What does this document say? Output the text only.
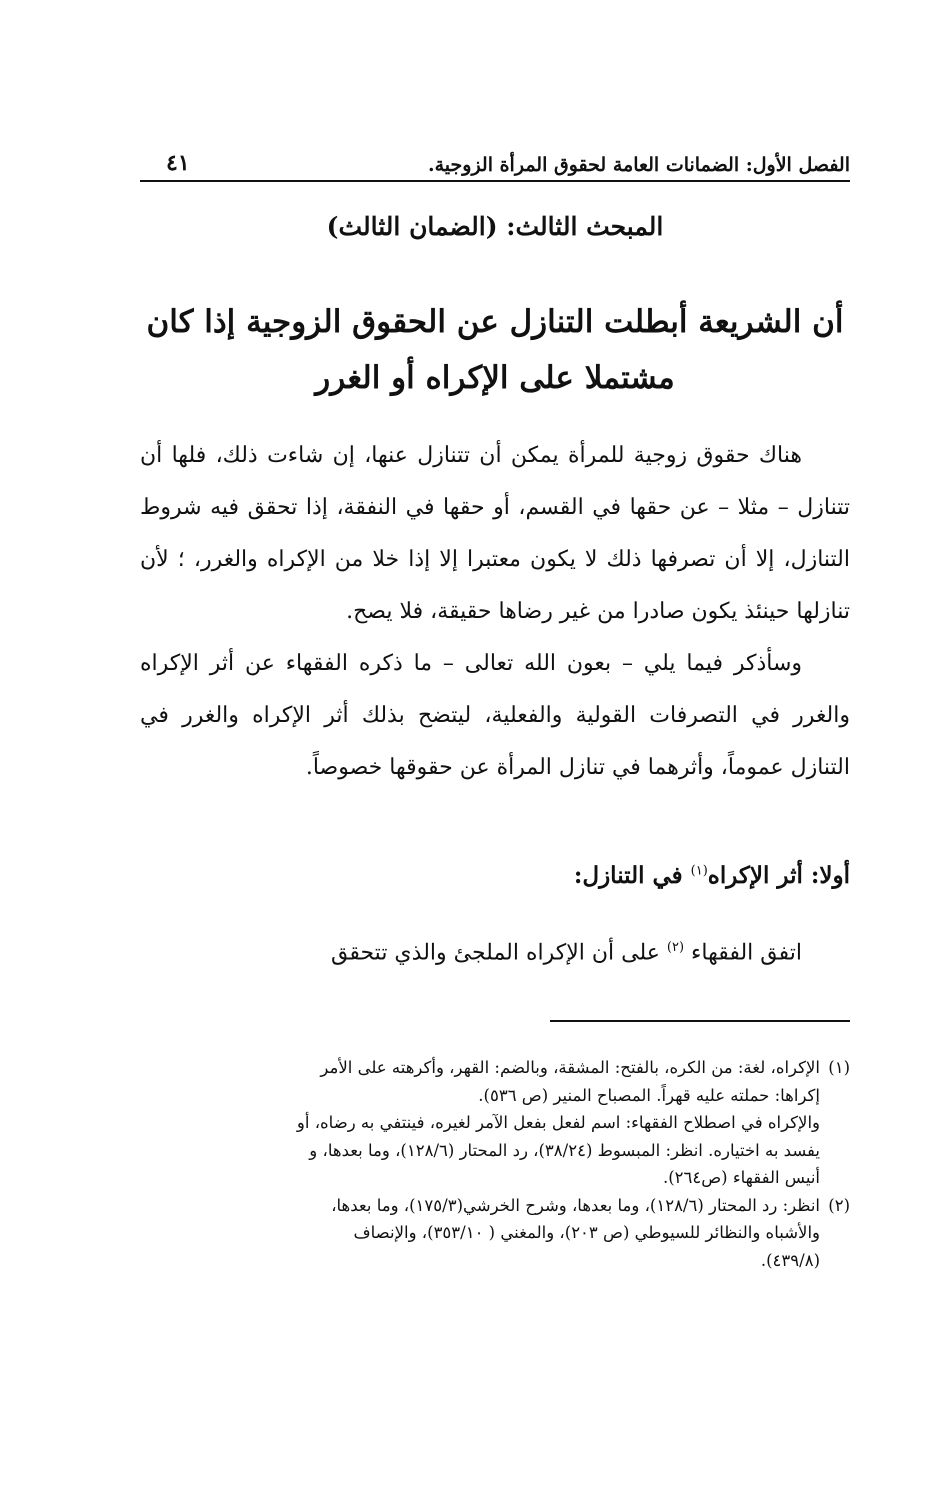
الفصل الأول: الضمانات العامة لحقوق المرأة الزوجية.
٤١
المبحث الثالث: (الضمان الثالث)
أن الشريعة أبطلت التنازل عن الحقوق الزوجية إذا كان
مشتملا على الإكراه أو الغرر

هناك حقوق زوجية للمرأة يمكن أن تتنازل عنها، إن شاءت ذلك، فلها أن تتنازل – مثلا – عن حقها في القسم، أو حقها في النفقة، إذا تحقق فيه شروط التنازل، إلا أن تصرفها ذلك لا يكون معتبرا إلا إذا خلا من الإكراه والغرر، ؛ لأن تنازلها حينئذ يكون صادرا من غير رضاها حقيقة، فلا يصح.

وسأذكر فيما يلي – بعون الله تعالى – ما ذكره الفقهاء عن أثر الإكراه والغرر في التصرفات القولية والفعلية، ليتضح بذلك أثر الإكراه والغرر في التنازل عموماً، وأثرهما في تنازل المرأة عن حقوقها خصوصاً.

أولا: أثر الإكراه$^{(١)}$ في التنازل:
اتفق الفقهاء $^{(٢)}$ على أن الإكراه الملجئ والذي تتحقق
(١)
الإكراه، لغة: من الكره، بالفتح: المشقة، وبالضم: القهر، وأكرهته على الأمر
إكراها: حملته عليه قهراً. المصباح المنير (ص ٥٣٦).
والإكراه في اصطلاح الفقهاء: اسم لفعل بفعل الآمر لغيره، فينتفي به رضاه، أو
يفسد به اختياره. انظر: المبسوط (٣٨/٢٤)، رد المحتار (١٢٨/٦)، وما بعدها، و
أنيس الفقهاء (ص٢٦٤).
(٢)
انظر: رد المحتار (١٢٨/٦)، وما بعدها، وشرح الخرشي(١٧٥/٣)، وما بعدها،
والأشباه والنظائر للسيوطي (ص ٢٠٣)، والمغني ( ٣٥٣/١٠)، والإنصاف
(٤٣٩/٨).
